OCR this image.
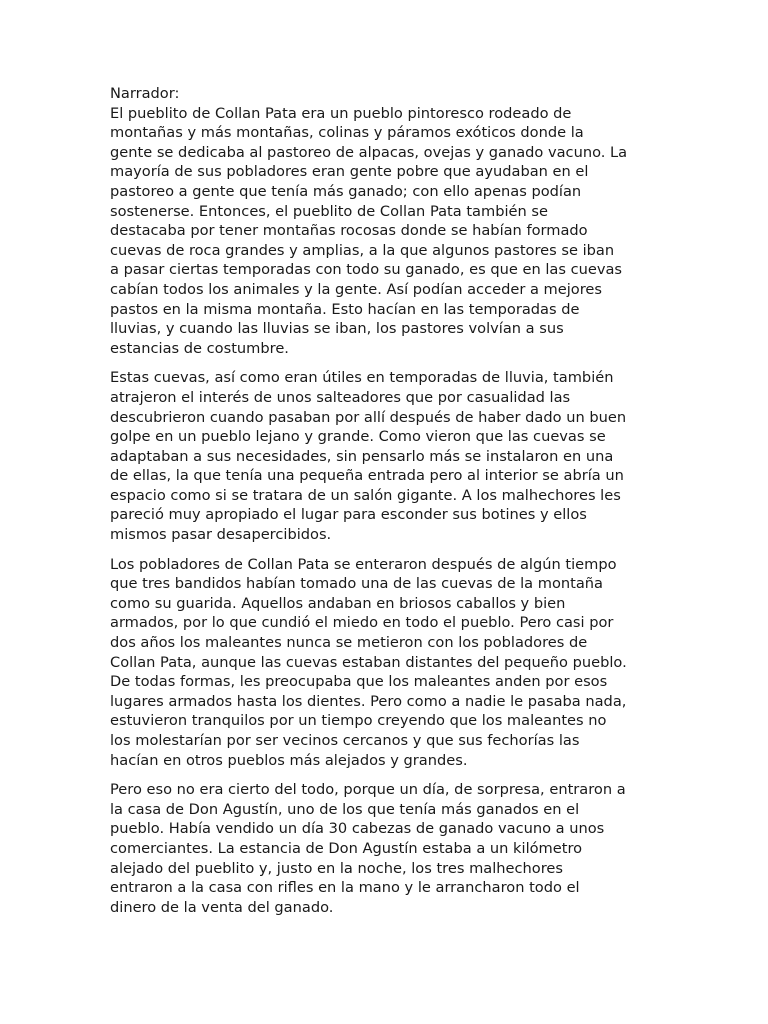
Narrador:
El pueblito de Collan Pata era un pueblo pintoresco rodeado de
montañas y más montañas, colinas y páramos exóticos donde la
gente se dedicaba al pastoreo de alpacas, ovejas y ganado vacuno. La
mayoría de sus pobladores eran gente pobre que ayudaban en el
pastoreo a gente que tenía más ganado; con ello apenas podían
sostenerse. Entonces, el pueblito de Collan Pata también se
destacaba por tener montañas rocosas donde se habían formado
cuevas de roca grandes y amplias, a la que algunos pastores se iban
a pasar ciertas temporadas con todo su ganado, es que en las cuevas
cabían todos los animales y la gente. Así podían acceder a mejores
pastos en la misma montaña. Esto hacían en las temporadas de
lluvias, y cuando las lluvias se iban, los pastores volvían a sus
estancias de costumbre.

Estas cuevas, así como eran útiles en temporadas de lluvia, también
atrajeron el interés de unos salteadores que por casualidad las
descubrieron cuando pasaban por allí después de haber dado un buen
golpe en un pueblo lejano y grande. Como vieron que las cuevas se
adaptaban a sus necesidades, sin pensarlo más se instalaron en una
de ellas, la que tenía una pequeña entrada pero al interior se abría un
espacio como si se tratara de un salón gigante. A los malhechores les
pareció muy apropiado el lugar para esconder sus botines y ellos
mismos pasar desapercibidos.

Los pobladores de Collan Pata se enteraron después de algún tiempo
que tres bandidos habían tomado una de las cuevas de la montaña
como su guarida. Aquellos andaban en briosos caballos y bien
armados, por lo que cundió el miedo en todo el pueblo. Pero casi por
dos años los maleantes nunca se metieron con los pobladores de
Collan Pata, aunque las cuevas estaban distantes del pequeño pueblo.
De todas formas, les preocupaba que los maleantes anden por esos
lugares armados hasta los dientes. Pero como a nadie le pasaba nada,
estuvieron tranquilos por un tiempo creyendo que los maleantes no
los molestarían por ser vecinos cercanos y que sus fechorías las
hacían en otros pueblos más alejados y grandes.

Pero eso no era cierto del todo, porque un día, de sorpresa, entraron a
la casa de Don Agustín, uno de los que tenía más ganados en el
pueblo. Había vendido un día 30 cabezas de ganado vacuno a unos
comerciantes. La estancia de Don Agustín estaba a un kilómetro
alejado del pueblito y, justo en la noche, los tres malhechores
entraron a la casa con rifles en la mano y le arrancharon todo el
dinero de la venta del ganado.
